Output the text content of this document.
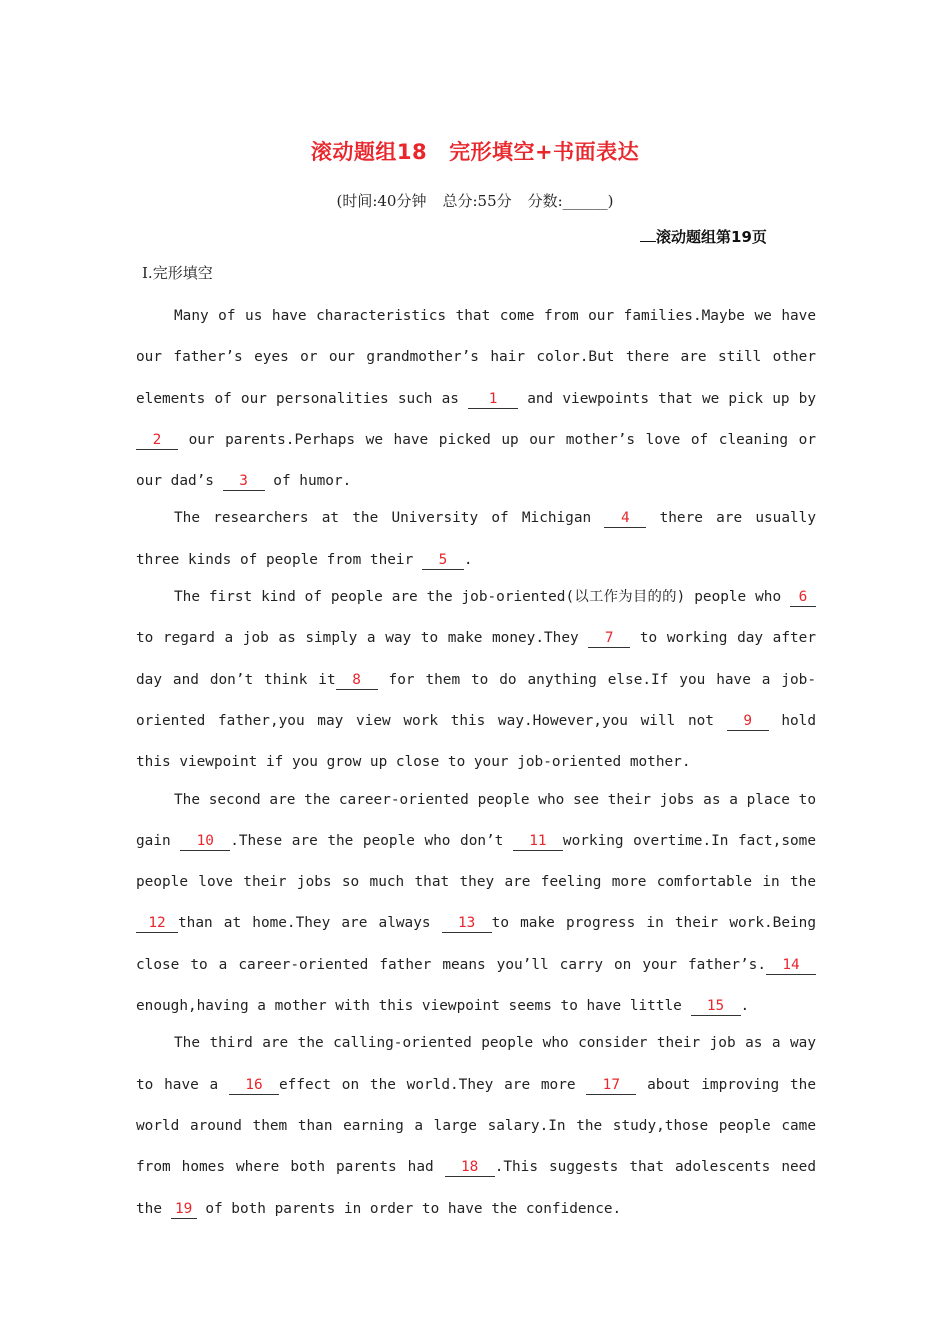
滚动题组18 完形填空+书面表达
(时间:40分钟 总分:55分 分数:______)
滚动题组第19页
Ⅰ.完形填空

Many of us have characteristics that come from our families.Maybe we have our father’s eyes or our grandmother’s hair color.But there are still other elements of our personalities such as 1 and viewpoints that we pick up by 2 our parents.Perhaps we have picked up our mother’s love of cleaning or our dad’s 3 of humor.

The researchers at the University of Michigan 4 there are usually three kinds of people from their 5 .

The first kind of people are the job-oriented(以工作为目的的) people who 6 to regard a job as simply a way to make money.They 7 to working day after day and don’t think it 8 for them to do anything else.If you have a job-oriented father,you may view work this way.However,you will not 9 hold this viewpoint if you grow up close to your job-oriented mother.

The second are the career-oriented people who see their jobs as a place to gain 10 .These are the people who don’t 11 working overtime.In fact,some people love their jobs so much that they are feeling more comfortable in the 12 than at home.They are always 13 to make progress in their work.Being close to a career-oriented father means you’ll carry on your father’s. 14 enough,having a mother with this viewpoint seems to have little 15 .

The third are the calling-oriented people who consider their job as a way to have a 16 effect on the world.They are more 17 about improving the world around them than earning a large salary.In the study,those people came from homes where both parents had 18 .This suggests that adolescents need the 19 of both parents in order to have the confidence.
